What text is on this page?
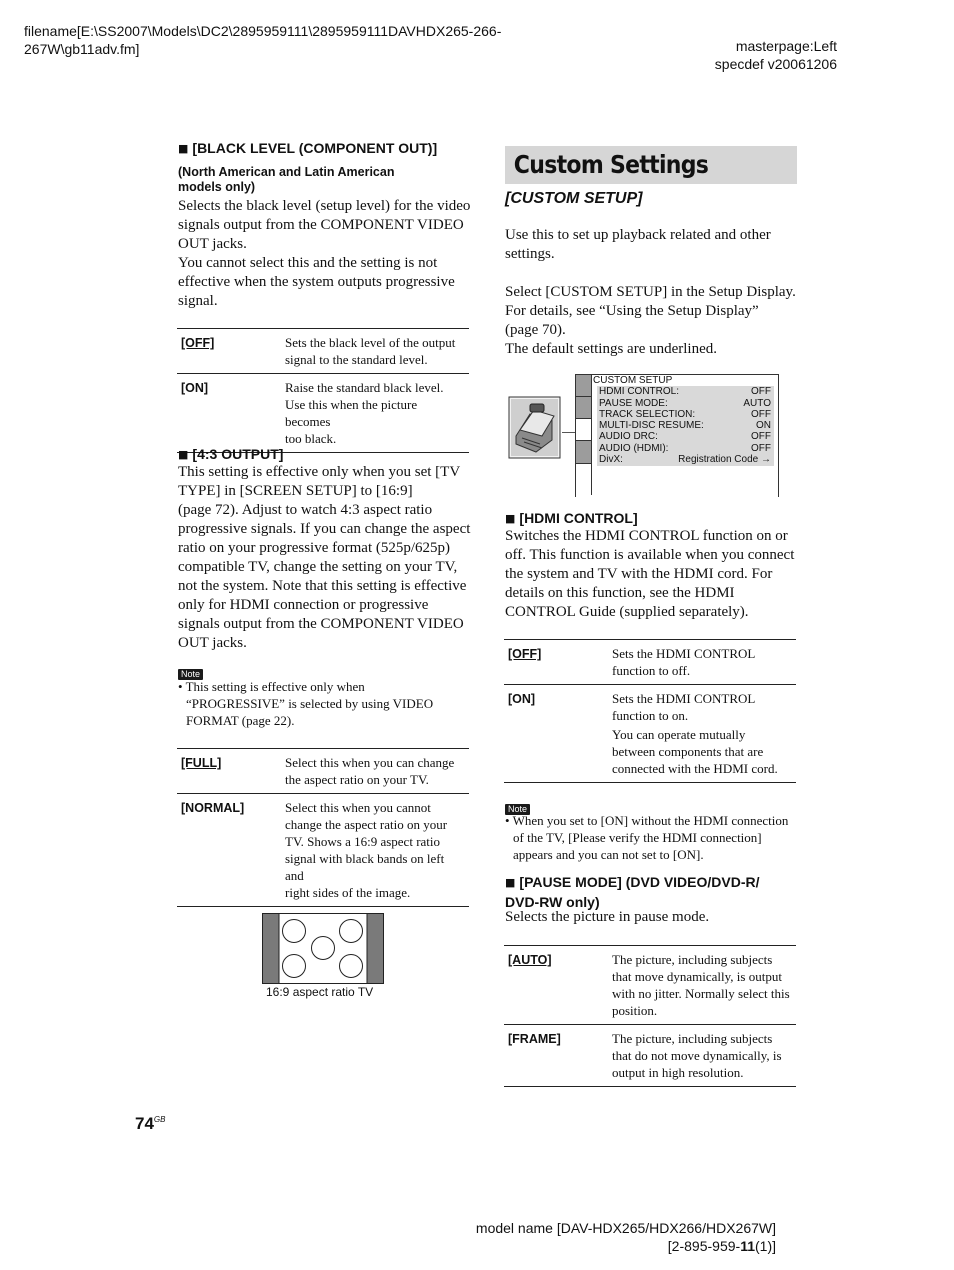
filename[E:\SS2007\Models\DC2\2895959111\2895959111DAVHDX265-266-
267W\gb11adv.fm]	masterpage:Left
specdef v20061206
■ [BLACK LEVEL (COMPONENT OUT)]
(North American and Latin American
models only)
Selects the black level (setup level) for the video
signals output from the COMPONENT VIDEO
OUT jacks.
You cannot select this and the setting is not
effective when the system outputs progressive
signal.
[OFF]	Sets the black level of the output
signal to the standard level.

[ON]	Raise the standard black level.
Use this when the picture becomes
too black.
■ [4:3 OUTPUT]
This setting is effective only when you set [TV
TYPE] in [SCREEN SETUP] to [16:9]
(page 72). Adjust to watch 4:3 aspect ratio
progressive signals. If you can change the aspect
ratio on your progressive format (525p/625p)
compatible TV, change the setting on your TV,
not the system. Note that this setting is effective
only for HDMI connection or progressive
signals output from the COMPONENT VIDEO
OUT jacks.
Note
• This setting is effective only when
“PROGRESSIVE” is selected by using VIDEO
FORMAT (page 22).
[FULL]	Select this when you can change
the aspect ratio on your TV.

[NORMAL]	Select this when you cannot
change the aspect ratio on your
TV. Shows a 16:9 aspect ratio
signal with black bands on left and
right sides of the image.
16:9 aspect ratio TV
$74^{GB}$
Custom Settings
[CUSTOM SETUP]
Use this to set up playback related and other
settings.
Select [CUSTOM SETUP] in the Setup Display.
For details, see “Using the Setup Display”
(page 70).
The default settings are underlined.
CUSTOM SETUP
HDMI CONTROL:	OFF
PAUSE MODE:	AUTO
TRACK SELECTION:	OFF
MULTI-DISC RESUME:	ON
AUDIO DRC:	OFF
AUDIO (HDMI):	OFF
DivX:	Registration Code →
■ [HDMI CONTROL]
Switches the HDMI CONTROL function on or
off. This function is available when you connect
the system and TV with the HDMI cord. For
details on this function, see the HDMI
CONTROL Guide (supplied separately).
[OFF]	Sets the HDMI CONTROL
function to off.

[ON]	Sets the HDMI CONTROL
function to on.
You can operate mutually
between components that are
connected with the HDMI cord.
Note
• When you set to [ON] without the HDMI connection
of the TV, [Please verify the HDMI connection]
appears and you can not set to [ON].
■ [PAUSE MODE] (DVD VIDEO/DVD-R/
DVD-RW only)
Selects the picture in pause mode.
[AUTO]	The picture, including subjects
that move dynamically, is output
with no jitter. Normally select this
position.

[FRAME]	The picture, including subjects
that do not move dynamically, is
output in high resolution.
model name [DAV-HDX265/HDX266/HDX267W]
[2-895-959-11(1)]
